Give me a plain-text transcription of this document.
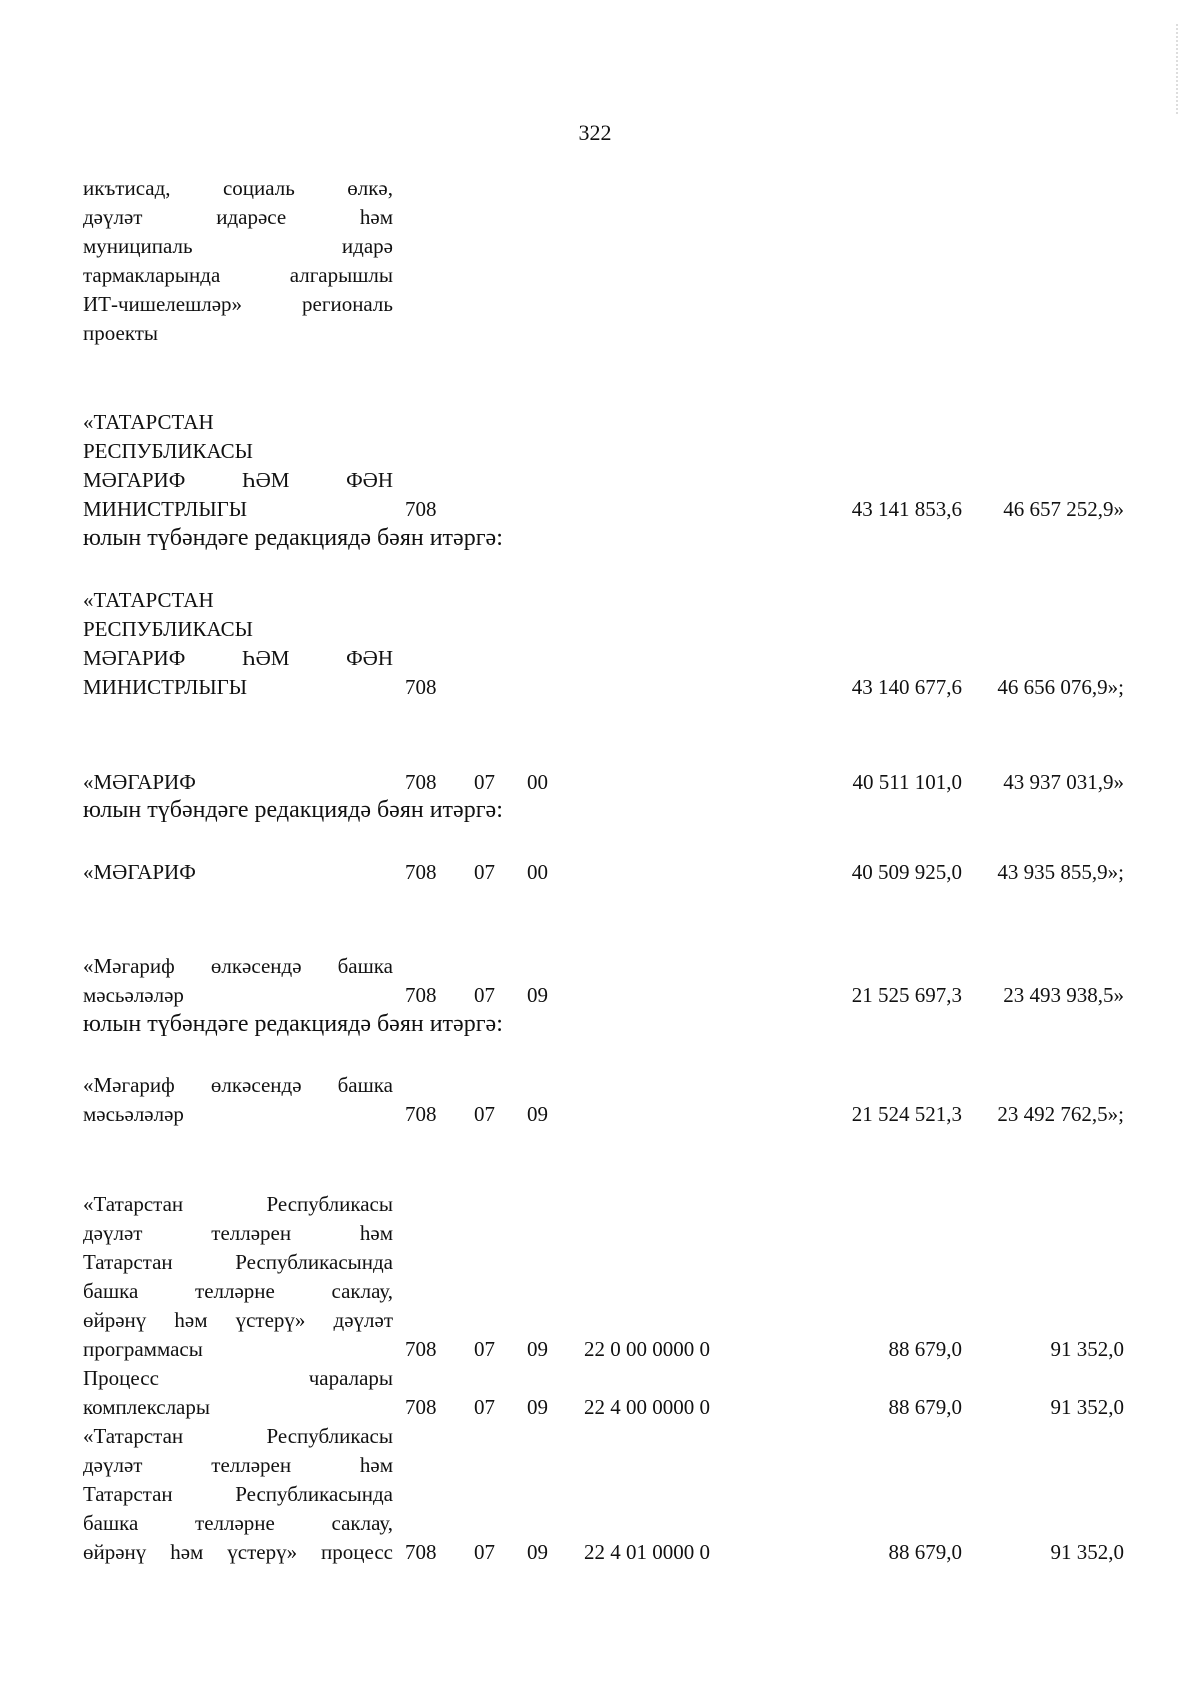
322
икътисад, социаль өлкә,
дәүләт идарәсе һәм
муниципаль идарә
тармакларында алгарышлы
ИТ-чишелешләр» региональ
проекты
«ТАТАРСТАН
РЕСПУБЛИКАСЫ
МӘГАРИФ ҺӘМ ФӘН
МИНИСТРЛЫГЫ	708	43 141 853,6 46 657 252,9»
юлын түбәндәге редакциядә бәян итәргә:
«ТАТАРСТАН
РЕСПУБЛИКАСЫ
МӘГАРИФ ҺӘМ ФӘН
МИНИСТРЛЫГЫ	708	43 140 677,6 46 656 076,9»;
«МӘГАРИФ	708 07 00	40 511 101,0 43 937 031,9»
юлын түбәндәге редакциядә бәян итәргә:
«МӘГАРИФ	708 07 00	40 509 925,0 43 935 855,9»;
«Мәгариф өлкәсендә башка
мәсьәләләр	708 07 09	21 525 697,3 23 493 938,5»
юлын түбәндәге редакциядә бәян итәргә:
«Мәгариф өлкәсендә башка
мәсьәләләр	708 07 09	21 524 521,3 23 492 762,5»;
«Татарстан Республикасы
дәүләт телләрен һәм
Татарстан Республикасында
башка телләрне саклау,
өйрәнү һәм үстерү» дәүләт
программасы	708 07 09 22 0 00 0000 0	88 679,0	91 352,0
Процесс чаралары
комплекслары	708 07 09 22 4 00 0000 0	88 679,0	91 352,0
«Татарстан Республикасы
дәүләт телләрен һәм
Татарстан Республикасында
башка телләрне саклау,
өйрәнү һәм үстерү» процесс 708 07 09 22 4 01 0000 0	88 679,0	91 352,0
